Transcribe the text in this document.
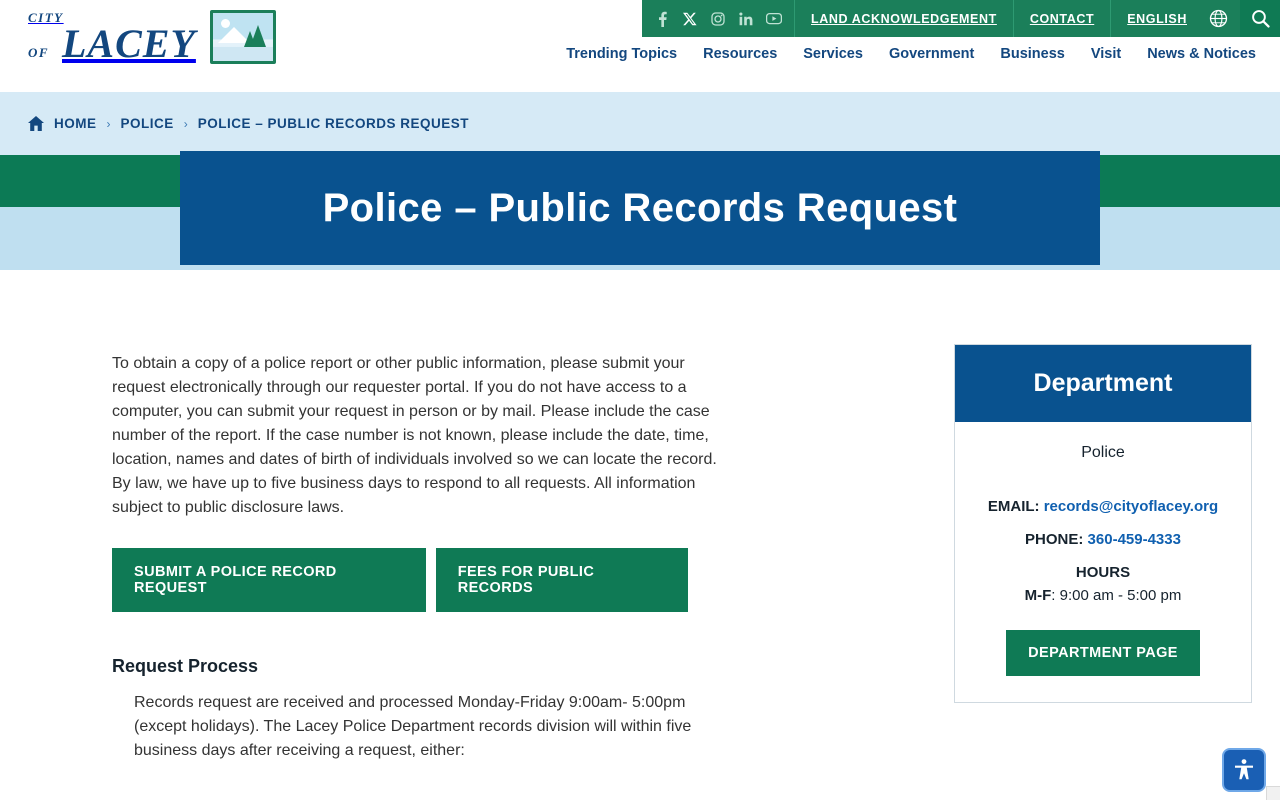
CITY
OF LACEY
LAND ACKNOWLEDGEMENT	CONTACT	ENGLISH
Trending Topics Resources Services Government Business Visit News & Notices
HOME › POLICE › POLICE – PUBLIC RECORDS REQUEST
Police – Public Records Request

To obtain a copy of a police report or other public information, please submit your request electronically through our requester portal. If you do not have access to a computer, you can submit your request in person or by mail. Please include the case number of the report. If the case number is not known, please include the date, time, location, names and dates of birth of individuals involved so we can locate the record. By law, we have up to five business days to respond to all requests. All information subject to public disclosure laws.

SUBMIT A POLICE RECORD REQUEST
FEES FOR PUBLIC RECORDS
Request Process

Records request are received and processed Monday-Friday 9:00am- 5:00pm (except holidays). The Lacey Police Department records division will within five business days after receiving a request, either:

Department
Police
EMAIL: records@cityoflacey.org
PHONE: 360-459-4333
HOURS
M-F: 9:00 am - 5:00 pm
DEPARTMENT PAGE
